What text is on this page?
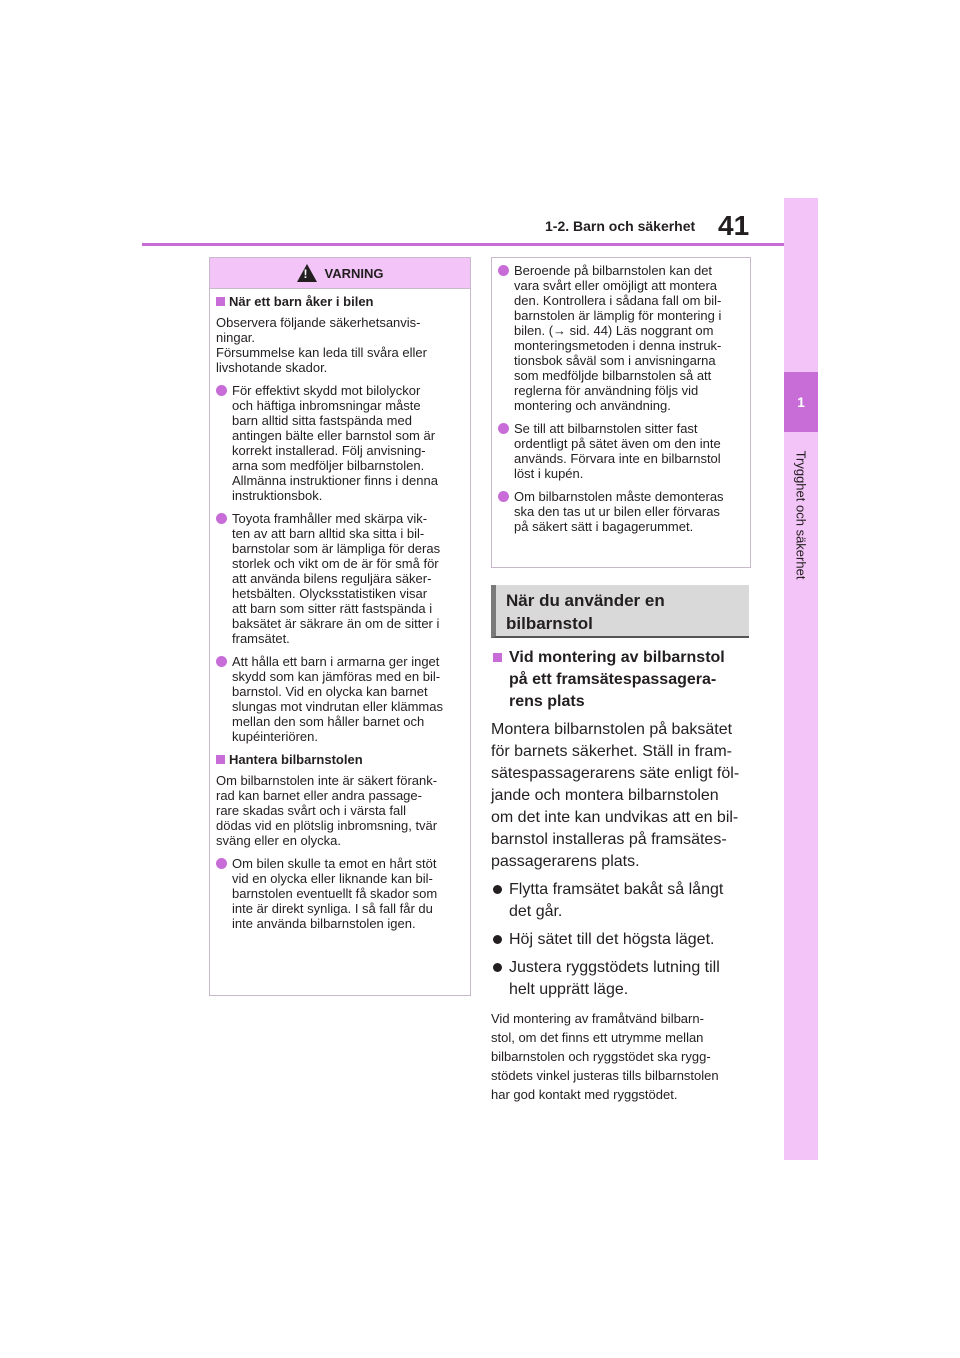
1-2. Barn och säkerhet 41
1
Trygghet och säkerhet
!
VARNING
När ett barn åker i bilen
Observera följande säkerhetsanvis-
ningar.
Försummelse kan leda till svåra eller
livshotande skador.
För effektivt skydd mot bilolyckor
och häftiga inbromsningar måste
barn alltid sitta fastspända med
antingen bälte eller barnstol som är
korrekt installerad. Följ anvisning-
arna som medföljer bilbarnstolen.
Allmänna instruktioner finns i denna
instruktionsbok.
Toyota framhåller med skärpa vik-
ten av att barn alltid ska sitta i bil-
barnstolar som är lämpliga för deras
storlek och vikt om de är för små för
att använda bilens reguljära säker-
hetsbälten. Olycksstatistiken visar
att barn som sitter rätt fastspända i
baksätet är säkrare än om de sitter i
framsätet.
Att hålla ett barn i armarna ger inget
skydd som kan jämföras med en bil-
barnstol. Vid en olycka kan barnet
slungas mot vindrutan eller klämmas
mellan den som håller barnet och
kupéinteriören.
Hantera bilbarnstolen
Om bilbarnstolen inte är säkert förank-
rad kan barnet eller andra passage-
rare skadas svårt och i värsta fall
dödas vid en plötslig inbromsning, tvär
sväng eller en olycka.
Om bilen skulle ta emot en hårt stöt
vid en olycka eller liknande kan bil-
barnstolen eventuellt få skador som
inte är direkt synliga. I så fall får du
inte använda bilbarnstolen igen.
Beroende på bilbarnstolen kan det
vara svårt eller omöjligt att montera
den. Kontrollera i sådana fall om bil-
barnstolen är lämplig för montering i
bilen. (→ sid. 44) Läs noggrant om
monteringsmetoden i denna instruk-
tionsbok såväl som i anvisningarna
som medföljde bilbarnstolen så att
reglerna för användning följs vid
montering och användning.
Se till att bilbarnstolen sitter fast
ordentligt på sätet även om den inte
används. Förvara inte en bilbarnstol
löst i kupén.
Om bilbarnstolen måste demonteras
ska den tas ut ur bilen eller förvaras
på säkert sätt i bagagerummet.
När du använder en
bilbarnstol
Vid montering av bilbarnstol
på ett framsätespassagera-
rens plats
Montera bilbarnstolen på baksätet
för barnets säkerhet. Ställ in fram-
sätespassagerarens säte enligt föl-
jande och montera bilbarnstolen
om det inte kan undvikas att en bil-
barnstol installeras på framsätes-
passagerarens plats.
Flytta framsätet bakåt så långt
det går.
Höj sätet till det högsta läget.
Justera ryggstödets lutning till
helt upprätt läge.
Vid montering av framåtvänd bilbarn-
stol, om det finns ett utrymme mellan
bilbarnstolen och ryggstödet ska rygg-
stödets vinkel justeras tills bilbarnstolen
har god kontakt med ryggstödet.
